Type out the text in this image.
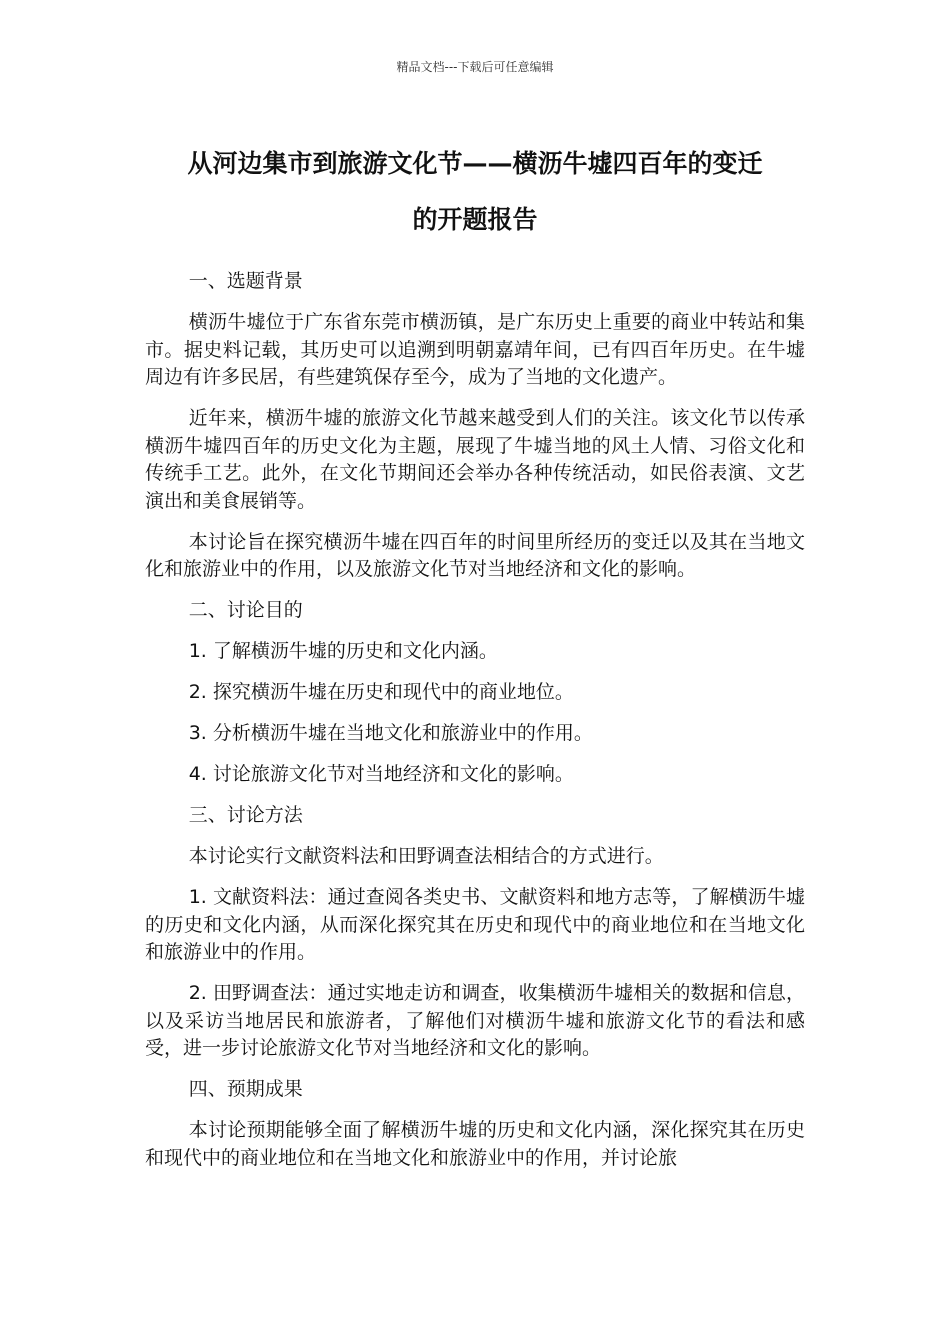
精品文档---下载后可任意编辑
从河边集市到旅游文化节——横沥牛墟四百年的变迁
的开题报告

一、选题背景

横沥牛墟位于广东省东莞市横沥镇，是广东历史上重要的商业中转站和集市。据史料记载，其历史可以追溯到明朝嘉靖年间，已有四百年历史。在牛墟周边有许多民居，有些建筑保存至今，成为了当地的文化遗产。

近年来，横沥牛墟的旅游文化节越来越受到人们的关注。该文化节以传承横沥牛墟四百年的历史文化为主题，展现了牛墟当地的风土人情、习俗文化和传统手工艺。此外，在文化节期间还会举办各种传统活动，如民俗表演、文艺演出和美食展销等。

本讨论旨在探究横沥牛墟在四百年的时间里所经历的变迁以及其在当地文化和旅游业中的作用，以及旅游文化节对当地经济和文化的影响。

二、讨论目的

1. 了解横沥牛墟的历史和文化内涵。

2. 探究横沥牛墟在历史和现代中的商业地位。

3. 分析横沥牛墟在当地文化和旅游业中的作用。

4. 讨论旅游文化节对当地经济和文化的影响。

三、讨论方法

本讨论实行文献资料法和田野调查法相结合的方式进行。

1. 文献资料法：通过查阅各类史书、文献资料和地方志等，了解横沥牛墟的历史和文化内涵，从而深化探究其在历史和现代中的商业地位和在当地文化和旅游业中的作用。

2. 田野调查法：通过实地走访和调查，收集横沥牛墟相关的数据和信息，以及采访当地居民和旅游者，了解他们对横沥牛墟和旅游文化节的看法和感受，进一步讨论旅游文化节对当地经济和文化的影响。

四、预期成果

本讨论预期能够全面了解横沥牛墟的历史和文化内涵，深化探究其在历史和现代中的商业地位和在当地文化和旅游业中的作用，并讨论旅
